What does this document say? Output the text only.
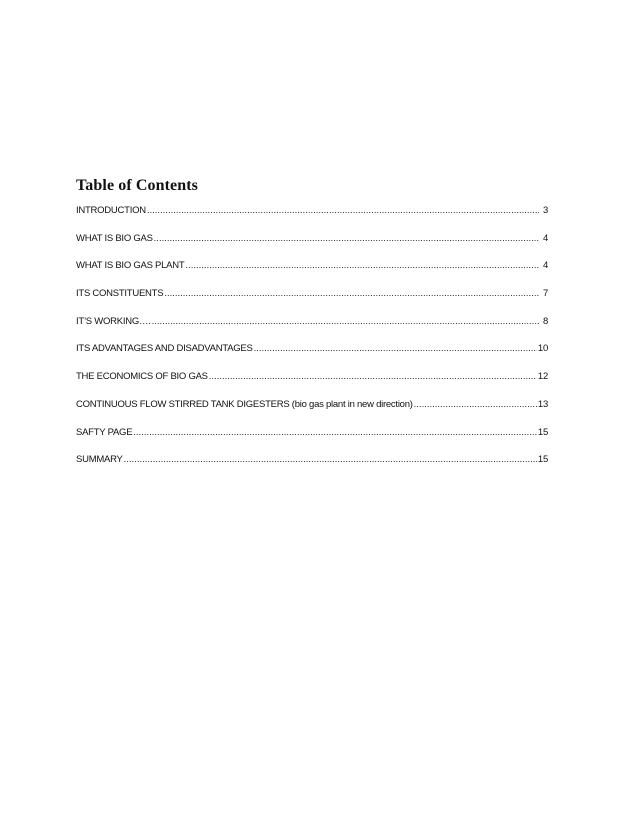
Table of Contents
INTRODUCTION .....	3
WHAT IS BIO GAS .....	4
WHAT IS BIO GAS PLANT .....	4
ITS CONSTITUENTS .....	7
IT’S WORKING…. .....	8
ITS ADVANTAGES AND DISADVANTAGES .....	10
THE ECONOMICS OF BIO GAS .....	12
CONTINUOUS FLOW STIRRED TANK DIGESTERS (bio gas plant in new direction) .....	13
SAFTY PAGE .....	15
SUMMARY .....	15
